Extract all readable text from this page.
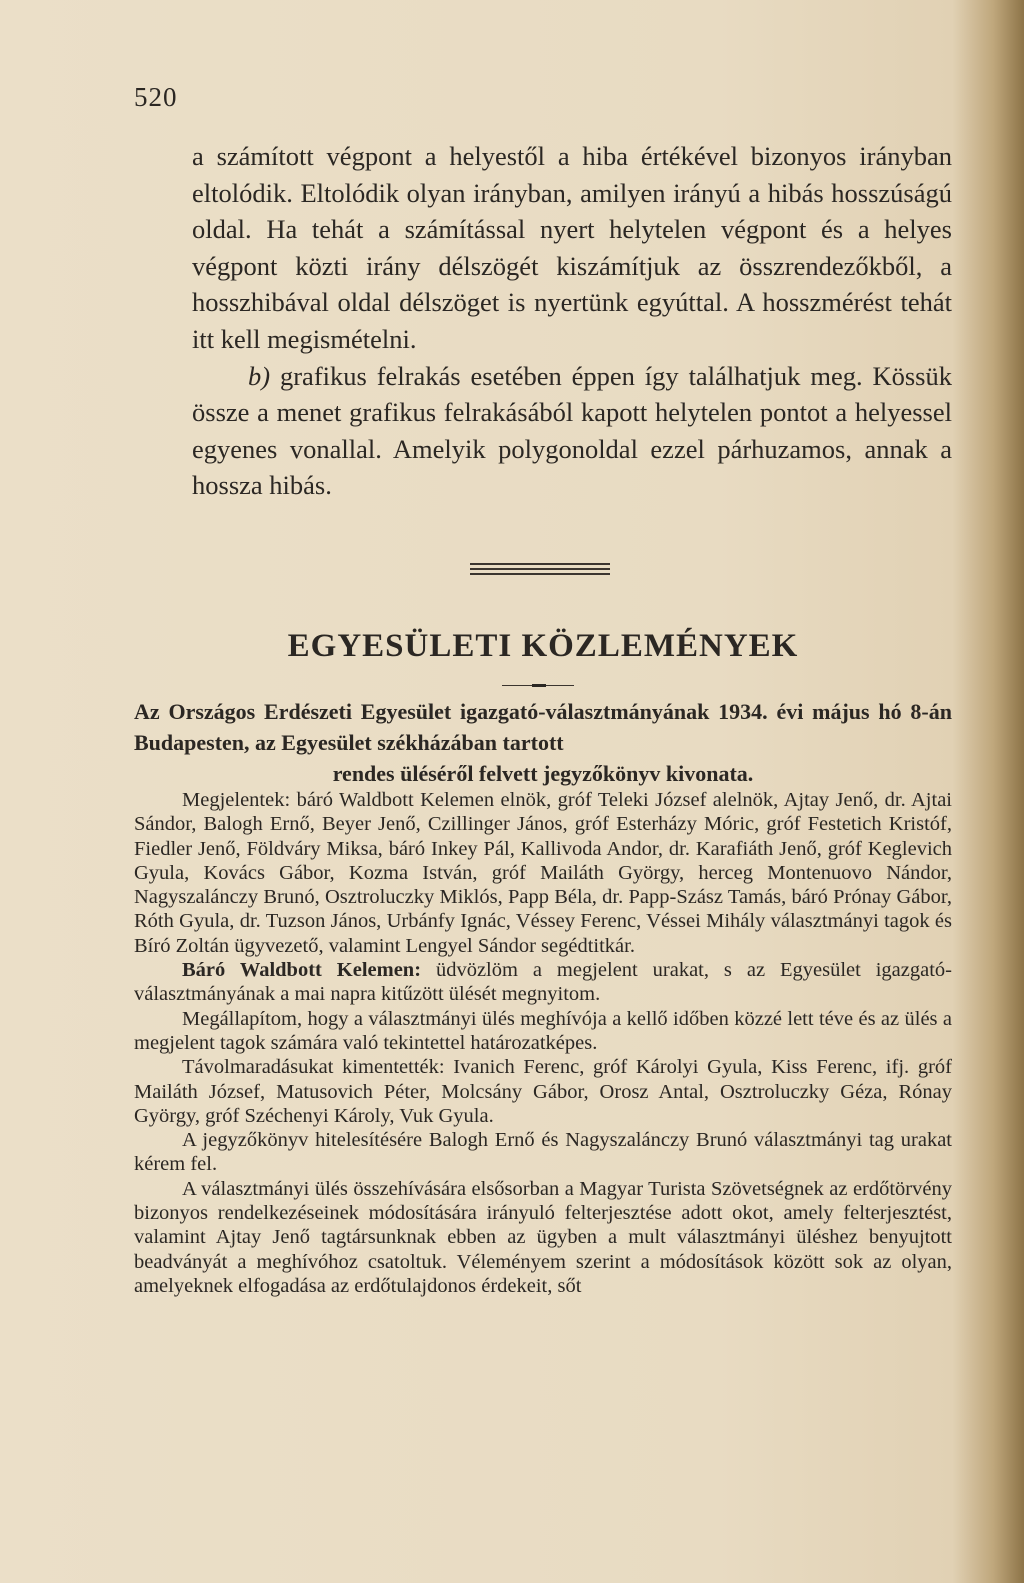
520

a számított végpont a helyestől a hiba értékével bizonyos irányban eltolódik. Eltolódik olyan irányban, amilyen irányú a hibás hosszúságú oldal. Ha tehát a számítással nyert helytelen végpont és a helyes végpont közti irány délszögét kiszámítjuk az összrendezőkből, a hosszhibával oldal délszöget is nyertünk egyúttal. A hosszmérést tehát itt kell megismételni.

b) grafikus felrakás esetében éppen így találhatjuk meg. Kössük össze a menet grafikus felrakásából kapott helytelen pontot a helyessel egyenes vonallal. Amelyik polygonoldal ezzel párhuzamos, annak a hossza hibás.

EGYESÜLETI KÖZLEMÉNYEK
Az Országos Erdészeti Egyesület igazgató-választmányának 1934. évi május hó 8-án Budapesten, az Egyesület székházában tartott
rendes üléséről felvett jegyzőkönyv kivonata.

Megjelentek: báró Waldbott Kelemen elnök, gróf Teleki József alelnök, Ajtay Jenő, dr. Ajtai Sándor, Balogh Ernő, Beyer Jenő, Czillinger János, gróf Esterházy Móric, gróf Festetich Kristóf, Fiedler Jenő, Földváry Miksa, báró Inkey Pál, Kallivoda Andor, dr. Karafiáth Jenő, gróf Keglevich Gyula, Kovács Gábor, Kozma István, gróf Mailáth György, herceg Montenuovo Nándor, Nagyszalánczy Brunó, Osztroluczky Miklós, Papp Béla, dr. Papp-Szász Tamás, báró Prónay Gábor, Róth Gyula, dr. Tuzson János, Urbánfy Ignác, Véssey Ferenc, Véssei Mihály választmányi tagok és Bíró Zoltán ügyvezető, valamint Lengyel Sándor segédtitkár.

Báró Waldbott Kelemen: üdvözlöm a megjelent urakat, s az Egyesület igazgató-választmányának a mai napra kitűzött ülését megnyitom.

Megállapítom, hogy a választmányi ülés meghívója a kellő időben közzé lett téve és az ülés a megjelent tagok számára való tekintettel határozatképes.

Távolmaradásukat kimentették: Ivanich Ferenc, gróf Károlyi Gyula, Kiss Ferenc, ifj. gróf Mailáth József, Matusovich Péter, Molcsány Gábor, Orosz Antal, Osztroluczky Géza, Rónay György, gróf Széchenyi Károly, Vuk Gyula.

A jegyzőkönyv hitelesítésére Balogh Ernő és Nagyszalánczy Brunó választmányi tag urakat kérem fel.

A választmányi ülés összehívására elsősorban a Magyar Turista Szövetségnek az erdőtörvény bizonyos rendelkezéseinek módosítására irányuló felterjesztése adott okot, amely felterjesztést, valamint Ajtay Jenő tagtársunknak ebben az ügyben a mult választmányi üléshez benyujtott beadványát a meghívóhoz csatoltuk. Véleményem szerint a módosítások között sok az olyan, amelyeknek elfogadása az erdőtulajdonos érdekeit, sőt
